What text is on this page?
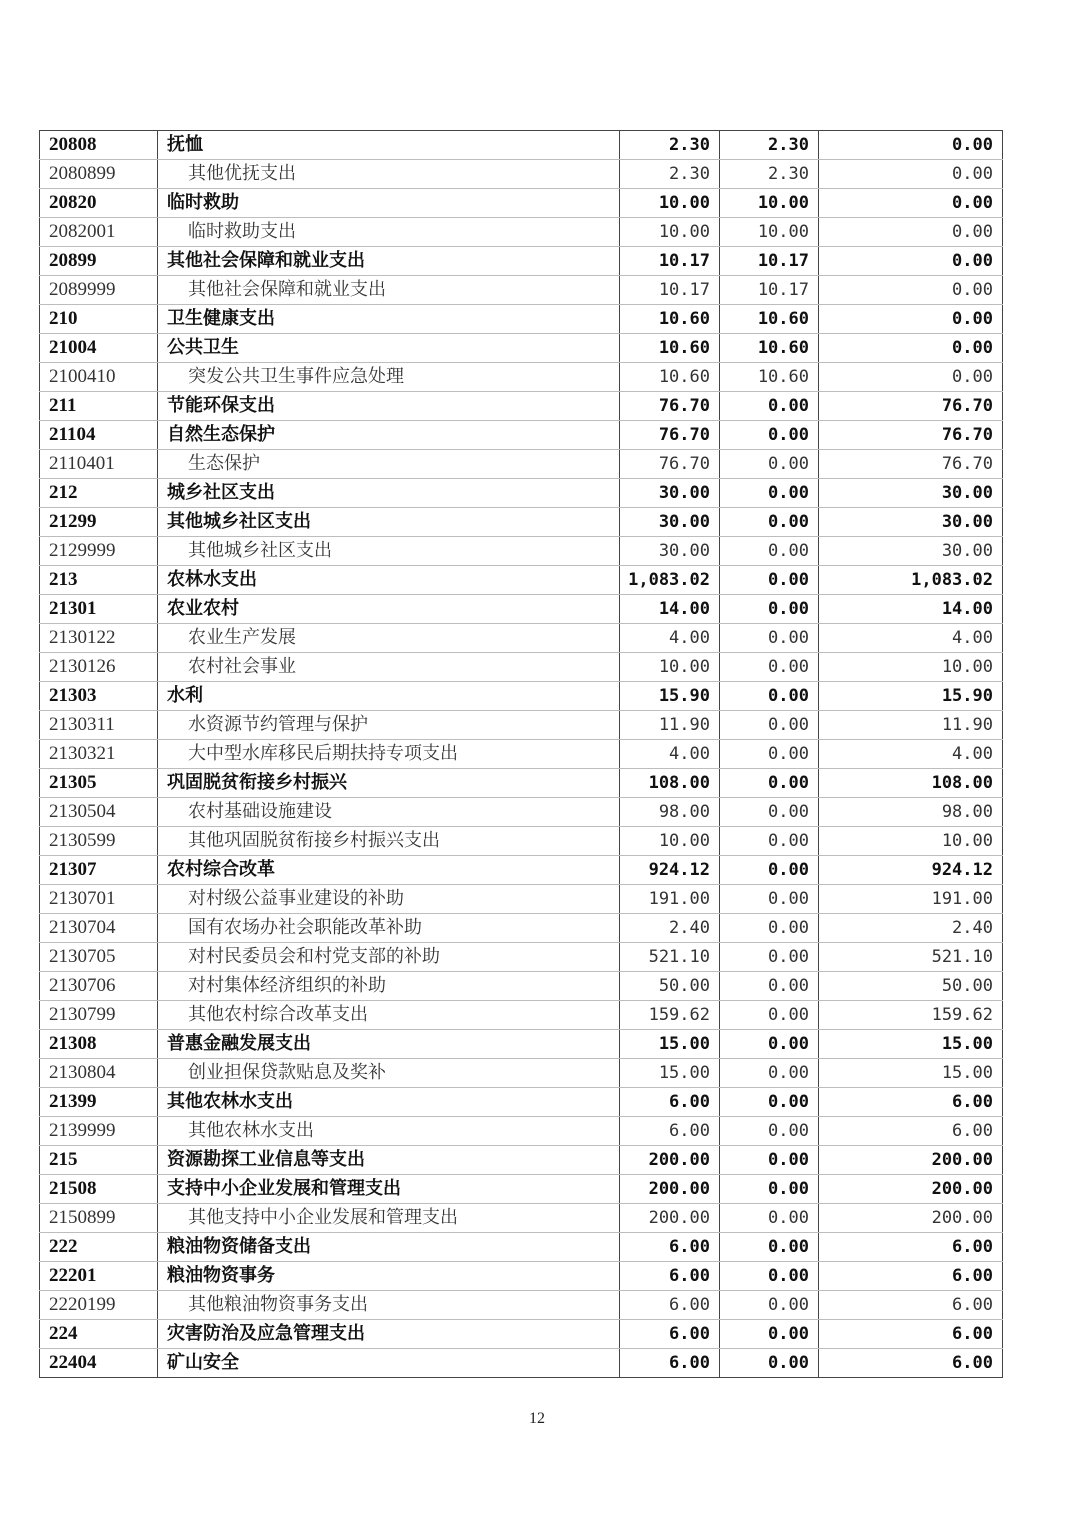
20808	抚恤	2.30	2.30	0.00
2080899	其他优抚支出	2.30	2.30	0.00
20820	临时救助	10.00	10.00	0.00
2082001	临时救助支出	10.00	10.00	0.00
20899	其他社会保障和就业支出	10.17	10.17	0.00
2089999	其他社会保障和就业支出	10.17	10.17	0.00
210	卫生健康支出	10.60	10.60	0.00
21004	公共卫生	10.60	10.60	0.00
2100410	突发公共卫生事件应急处理	10.60	10.60	0.00
211	节能环保支出	76.70	0.00	76.70
21104	自然生态保护	76.70	0.00	76.70
2110401	生态保护	76.70	0.00	76.70
212	城乡社区支出	30.00	0.00	30.00
21299	其他城乡社区支出	30.00	0.00	30.00
2129999	其他城乡社区支出	30.00	0.00	30.00
213	农林水支出	1,083.02	0.00	1,083.02
21301	农业农村	14.00	0.00	14.00
2130122	农业生产发展	4.00	0.00	4.00
2130126	农村社会事业	10.00	0.00	10.00
21303	水利	15.90	0.00	15.90
2130311	水资源节约管理与保护	11.90	0.00	11.90
2130321	大中型水库移民后期扶持专项支出	4.00	0.00	4.00
21305	巩固脱贫衔接乡村振兴	108.00	0.00	108.00
2130504	农村基础设施建设	98.00	0.00	98.00
2130599	其他巩固脱贫衔接乡村振兴支出	10.00	0.00	10.00
21307	农村综合改革	924.12	0.00	924.12
2130701	对村级公益事业建设的补助	191.00	0.00	191.00
2130704	国有农场办社会职能改革补助	2.40	0.00	2.40
2130705	对村民委员会和村党支部的补助	521.10	0.00	521.10
2130706	对村集体经济组织的补助	50.00	0.00	50.00
2130799	其他农村综合改革支出	159.62	0.00	159.62
21308	普惠金融发展支出	15.00	0.00	15.00
2130804	创业担保贷款贴息及奖补	15.00	0.00	15.00
21399	其他农林水支出	6.00	0.00	6.00
2139999	其他农林水支出	6.00	0.00	6.00
215	资源勘探工业信息等支出	200.00	0.00	200.00
21508	支持中小企业发展和管理支出	200.00	0.00	200.00
2150899	其他支持中小企业发展和管理支出	200.00	0.00	200.00
222	粮油物资储备支出	6.00	0.00	6.00
22201	粮油物资事务	6.00	0.00	6.00
2220199	其他粮油物资事务支出	6.00	0.00	6.00
224	灾害防治及应急管理支出	6.00	0.00	6.00
22404	矿山安全	6.00	0.00	6.00
12
